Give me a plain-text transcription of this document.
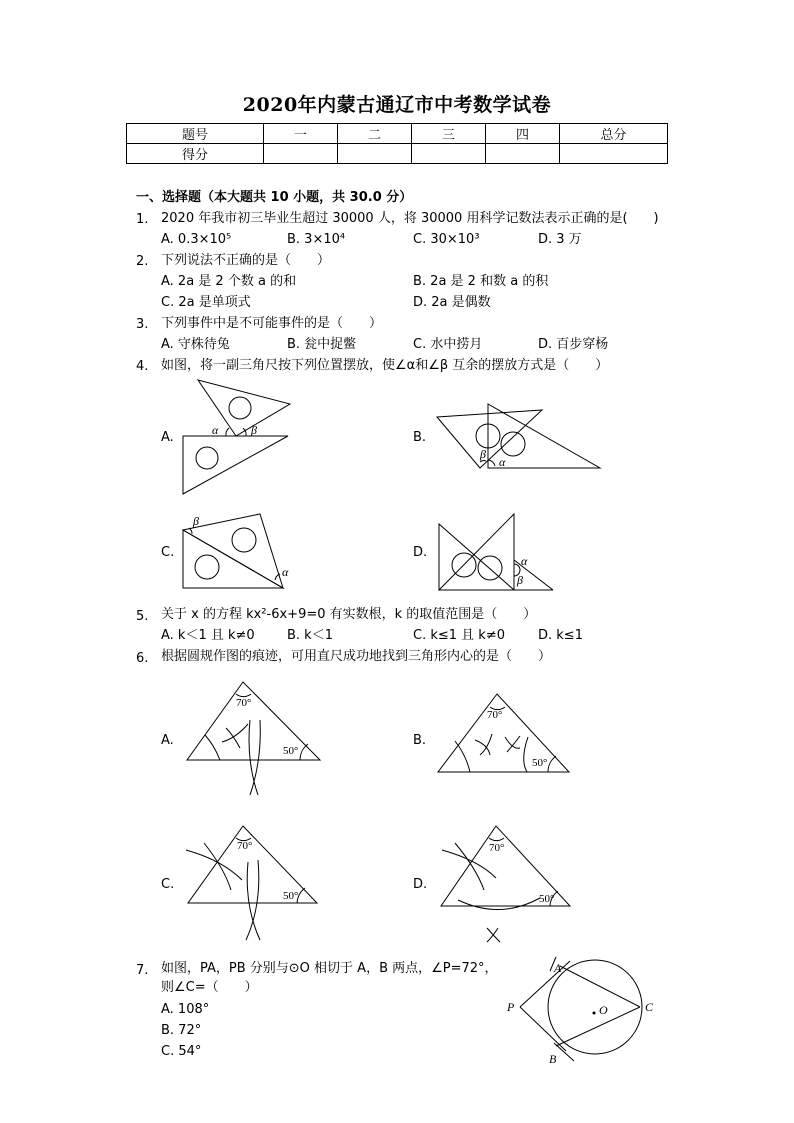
2020年内蒙古通辽市中考数学试卷
题号	一	二	三	四	总分
得分					
一、选择题（本大题共 10 小题，共 30.0 分）
1. 2020 年我市初三毕业生超过 30000 人，将 30000 用科学记数法表示正确的是(　　)
A. 0.3×10⁵	B. 3×10⁴	C. 30×10³	D. 3 万
2. 下列说法不正确的是（　　）
A. 2a 是 2 个数 a 的和	B. 2a 是 2 和数 a 的积
C. 2a 是单项式	D. 2a 是偶数
3. 下列事件中是不可能事件的是（　　）
A. 守株待兔	B. 瓮中捉鳖	C. 水中捞月	D. 百步穿杨
4. 如图，将一副三角尺按下列位置摆放，使∠α和∠β 互余的摆放方式是（　　）
A.	B.
C.	D.
α	β
β
α
β
α
α
β
5. 关于 x 的方程 kx²-6x+9=0 有实数根，k 的取值范围是（　　）
A. k＜1 且 k≠0 B. k＜1	C. k≤1 且 k≠0	D. k≤1
6. 根据圆规作图的痕迹，可用直尺成功地找到三角形内心的是（　　）
A.	B.
C.	D.
70°
50°
70°
50°
70°
50°
70°
50°
7. 如图，PA，PB 分别与⊙O 相切于 A，B 两点，∠P=72°，
则∠C=（　　）
A. 108°
B. 72°
C. 54°
A
P	C
O
B
